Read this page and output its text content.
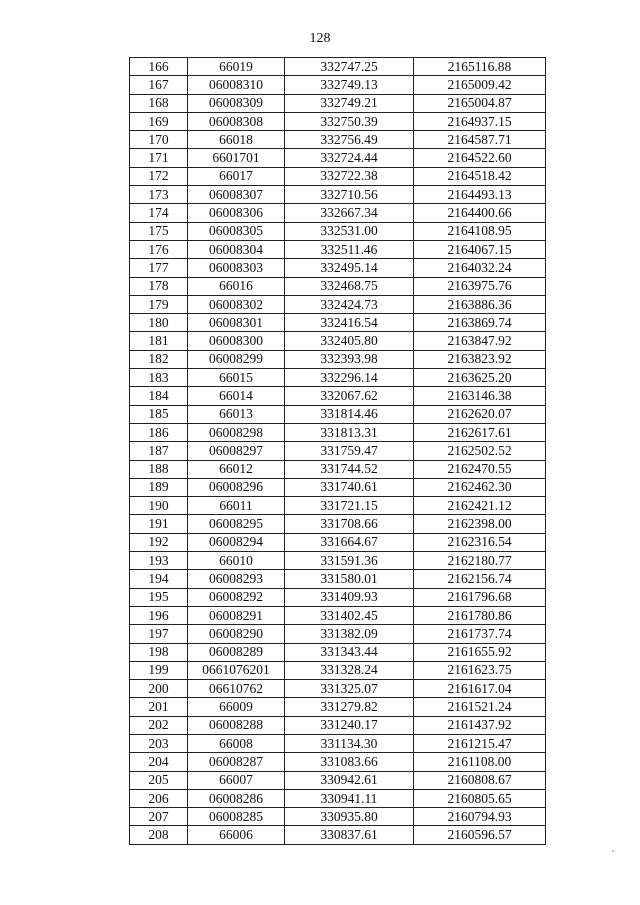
128
166	66019	332747.25	2165116.88
167	06008310	332749.13	2165009.42
168	06008309	332749.21	2165004.87
169	06008308	332750.39	2164937.15
170	66018	332756.49	2164587.71
171	6601701	332724.44	2164522.60
172	66017	332722.38	2164518.42
173	06008307	332710.56	2164493.13
174	06008306	332667.34	2164400.66
175	06008305	332531.00	2164108.95
176	06008304	332511.46	2164067.15
177	06008303	332495.14	2164032.24
178	66016	332468.75	2163975.76
179	06008302	332424.73	2163886.36
180	06008301	332416.54	2163869.74
181	06008300	332405.80	2163847.92
182	06008299	332393.98	2163823.92
183	66015	332296.14	2163625.20
184	66014	332067.62	2163146.38
185	66013	331814.46	2162620.07
186	06008298	331813.31	2162617.61
187	06008297	331759.47	2162502.52
188	66012	331744.52	2162470.55
189	06008296	331740.61	2162462.30
190	66011	331721.15	2162421.12
191	06008295	331708.66	2162398.00
192	06008294	331664.67	2162316.54
193	66010	331591.36	2162180.77
194	06008293	331580.01	2162156.74
195	06008292	331409.93	2161796.68
196	06008291	331402.45	2161780.86
197	06008290	331382.09	2161737.74
198	06008289	331343.44	2161655.92
199	0661076201	331328.24	2161623.75
200	06610762	331325.07	2161617.04
201	66009	331279.82	2161521.24
202	06008288	331240.17	2161437.92
203	66008	331134.30	2161215.47
204	06008287	331083.66	2161108.00
205	66007	330942.61	2160808.67
206	06008286	330941.11	2160805.65
207	06008285	330935.80	2160794.93
208	66006	330837.61	2160596.57
